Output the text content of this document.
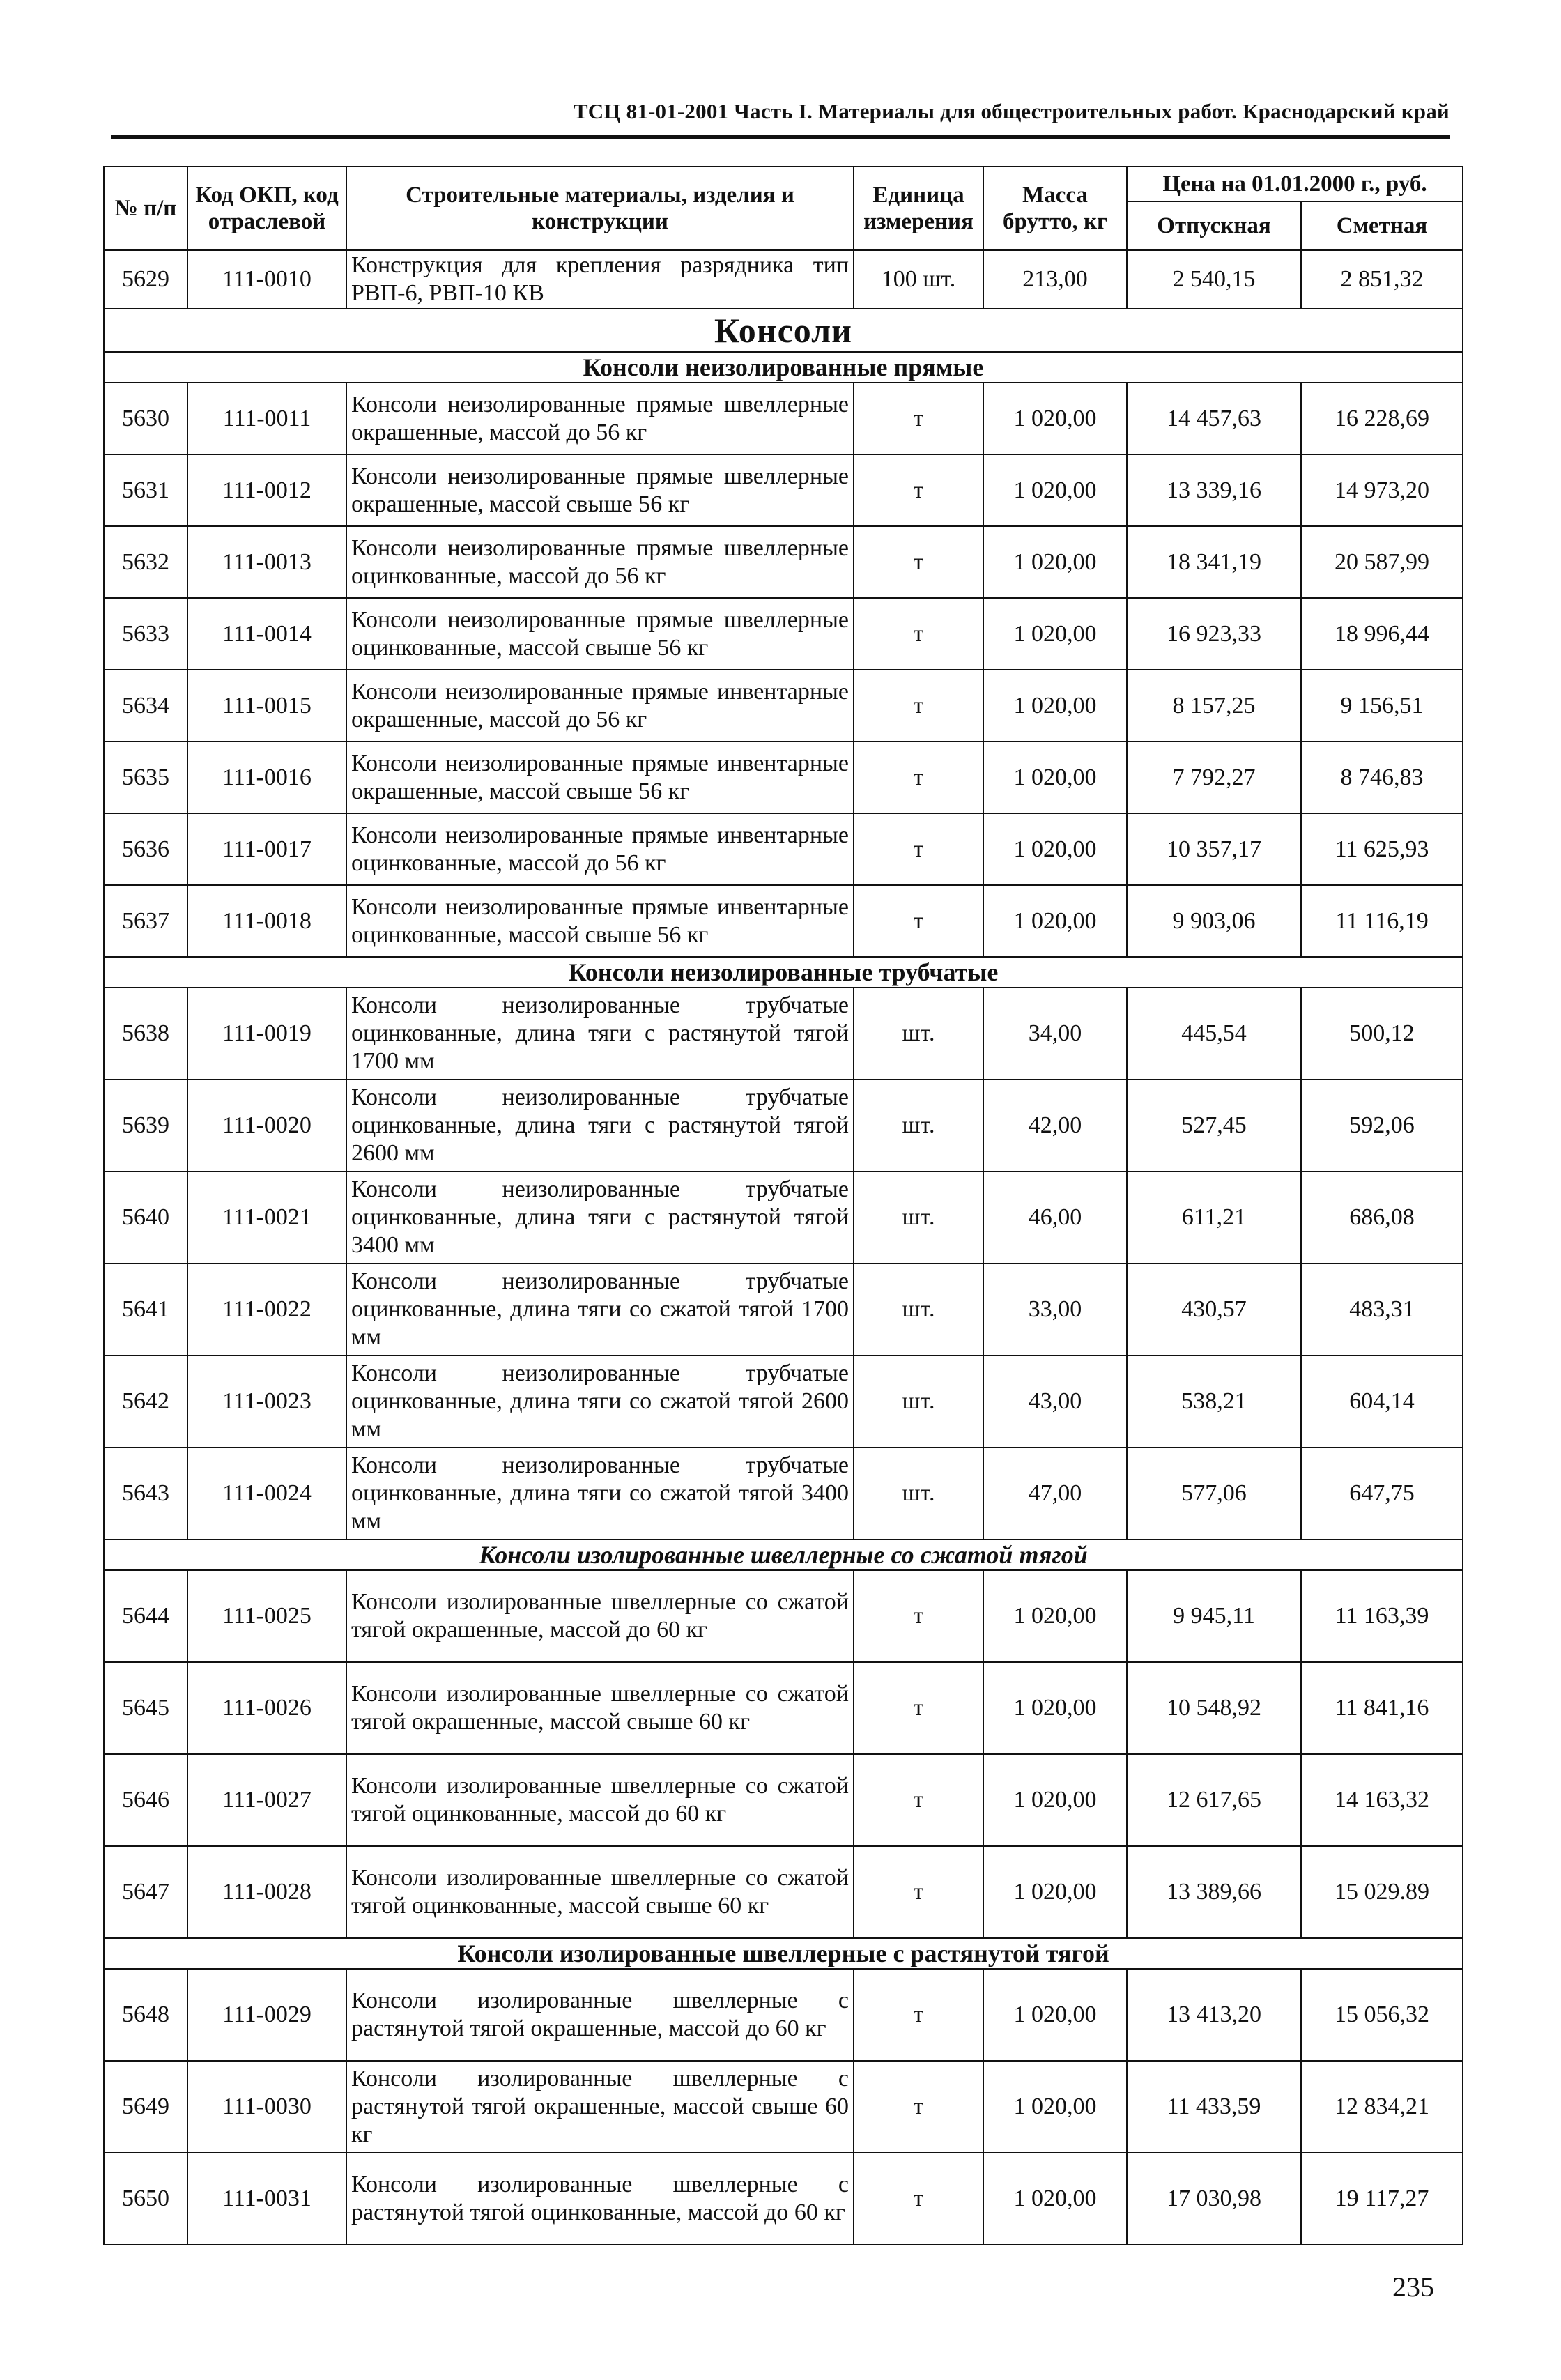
ТСЦ 81-01-2001 Часть I. Материалы для общестроительных работ. Краснодарский край
№ п/п	Код ОКП, код отраслевой	Строительные материалы, изделия и конструкции	Единица измерения	Масса брутто, кг	Цена на 01.01.2000 г., руб.	
					Отпускная	Сметная
5629	111-0010	Конструкция для крепления разрядника тип РВП-6, РВП-10 КВ	100 шт.	213,00	2 540,15	2 851,32
Консоли						
Консоли неизолированные прямые						
5630	111-0011	Консоли неизолированные прямые швеллерные окрашенные, массой до 56 кг	т	1 020,00	14 457,63	16 228,69
5631	111-0012	Консоли неизолированные прямые швеллерные окрашенные, массой свыше 56 кг	т	1 020,00	13 339,16	14 973,20
5632	111-0013	Консоли неизолированные прямые швеллерные оцинкованные, массой до 56 кг	т	1 020,00	18 341,19	20 587,99
5633	111-0014	Консоли неизолированные прямые швеллерные оцинкованные, массой свыше 56 кг	т	1 020,00	16 923,33	18 996,44
5634	111-0015	Консоли неизолированные прямые инвентарные окрашенные, массой до 56 кг	т	1 020,00	8 157,25	9 156,51
5635	111-0016	Консоли неизолированные прямые инвентарные окрашенные, массой свыше 56 кг	т	1 020,00	7 792,27	8 746,83
5636	111-0017	Консоли неизолированные прямые инвентарные оцинкованные, массой до 56 кг	т	1 020,00	10 357,17	11 625,93
5637	111-0018	Консоли неизолированные прямые инвентарные оцинкованные, массой свыше 56 кг	т	1 020,00	9 903,06	11 116,19
Консоли неизолированные трубчатые						
5638	111-0019	Консоли неизолированные трубчатые оцинкованные, длина тяги с растянутой тягой 1700 мм	шт.	34,00	445,54	500,12
5639	111-0020	Консоли неизолированные трубчатые оцинкованные, длина тяги с растянутой тягой 2600 мм	шт.	42,00	527,45	592,06
5640	111-0021	Консоли неизолированные трубчатые оцинкованные, длина тяги с растянутой тягой 3400 мм	шт.	46,00	611,21	686,08
5641	111-0022	Консоли неизолированные трубчатые оцинкованные, длина тяги со сжатой тягой 1700 мм	шт.	33,00	430,57	483,31
5642	111-0023	Консоли неизолированные трубчатые оцинкованные, длина тяги со сжатой тягой 2600 мм	шт.	43,00	538,21	604,14
5643	111-0024	Консоли неизолированные трубчатые оцинкованные, длина тяги со сжатой тягой 3400 мм	шт.	47,00	577,06	647,75
Консоли изолированные швеллерные со сжатой тягой						
5644	111-0025	Консоли изолированные швеллерные со сжатой тягой окрашенные, массой до 60 кг	т	1 020,00	9 945,11	11 163,39
5645	111-0026	Консоли изолированные швеллерные со сжатой тягой окрашенные, массой свыше 60 кг	т	1 020,00	10 548,92	11 841,16
5646	111-0027	Консоли изолированные швеллерные со сжатой тягой оцинкованные, массой до 60 кг	т	1 020,00	12 617,65	14 163,32
5647	111-0028	Консоли изолированные швеллерные со сжатой тягой оцинкованные, массой свыше 60 кг	т	1 020,00	13 389,66	15 029.89
Консоли изолированные швеллерные с растянутой тягой						
5648	111-0029	Консоли изолированные швеллерные с растянутой тягой окрашенные, массой до 60 кг	т	1 020,00	13 413,20	15 056,32
5649	111-0030	Консоли изолированные швеллерные с растянутой тягой окрашенные, массой свыше 60 кг	т	1 020,00	11 433,59	12 834,21
5650	111-0031	Консоли изолированные швеллерные с растянутой тягой оцинкованные, массой до 60 кг	т	1 020,00	17 030,98	19 117,27
235
